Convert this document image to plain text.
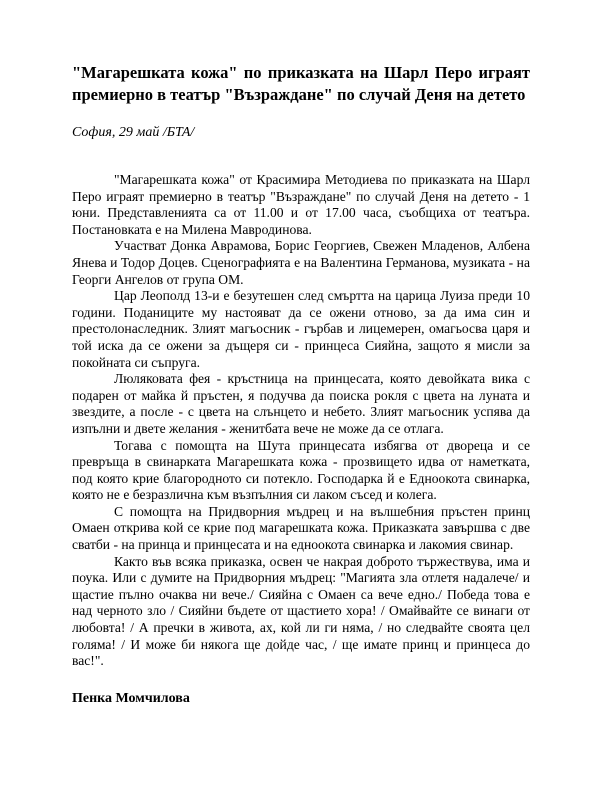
"Магарешката кожа" по приказката на Шарл Перо играят премиерно в театър "Възраждане" по случай Деня на детето
София, 29 май /БТА/

"Магарешката кожа" от Красимира Методиева по приказката на Шарл Перо играят премиерно в театър "Възраждане" по случай Деня на детето - 1 юни. Представленията са от 11.00 и от 17.00 часа, съобщиха от театъра. Постановката е на Милена Мавродинова.

Участват Донка Аврамова, Борис Георгиев, Свежен Младенов, Албена Янева и Тодор Доцев. Сценографията е на Валентина Германова, музиката - на Георги Ангелов от група ОМ.

Цар Леополд 13-и е безутешен след смъртта на царица Луиза преди 10 години. Поданиците му настояват да се ожени отново, за да има син и престолонаследник. Злият магьосник - гърбав и лицемерен, омагьосва царя и той иска да се ожени за дъщеря си - принцеса Сияйна, защото я мисли за покойната си съпруга.

Люляковата фея - кръстница на принцесата, която девойката вика с подарен от майка й пръстен, я подучва да поиска рокля с цвета на луната и звездите, а после - с цвета на слънцето и небето. Злият магьосник успява да изпълни и двете желания - женитбата вече не може да се отлага.

Тогава с помощта на Шута принцесата избягва от двореца и се превръща в свинарката Магарешката кожа - прозвището идва от наметката, под която крие благородното си потекло. Господарка й е Едноокота свинарка, която не е безразлична към възпълния си лаком съсед и колега.

С помощта на Придворния мъдрец и на вълшебния пръстен принц Омаен открива кой се крие под магарешката кожа. Приказката завършва с две сватби - на принца и принцесата и на едноокота свинарка и лакомия свинар.

Както във всяка приказка, освен че накрая доброто тържествува, има и поука. Или с думите на Придворния мъдрец: "Магията зла отлетя надалече/ и щастие пълно очаква ни вече./ Сияйна с Омаен са вече едно./ Победа това е над черното зло / Сияйни бъдете от щастието хора! / Омайвайте се винаги от любовта! / А пречки в живота, ах, кой ли ги няма, / но следвайте своята цел голяма! / И може би някога ще дойде час, / ще имате принц и принцеса до вас!".

Пенка Момчилова
